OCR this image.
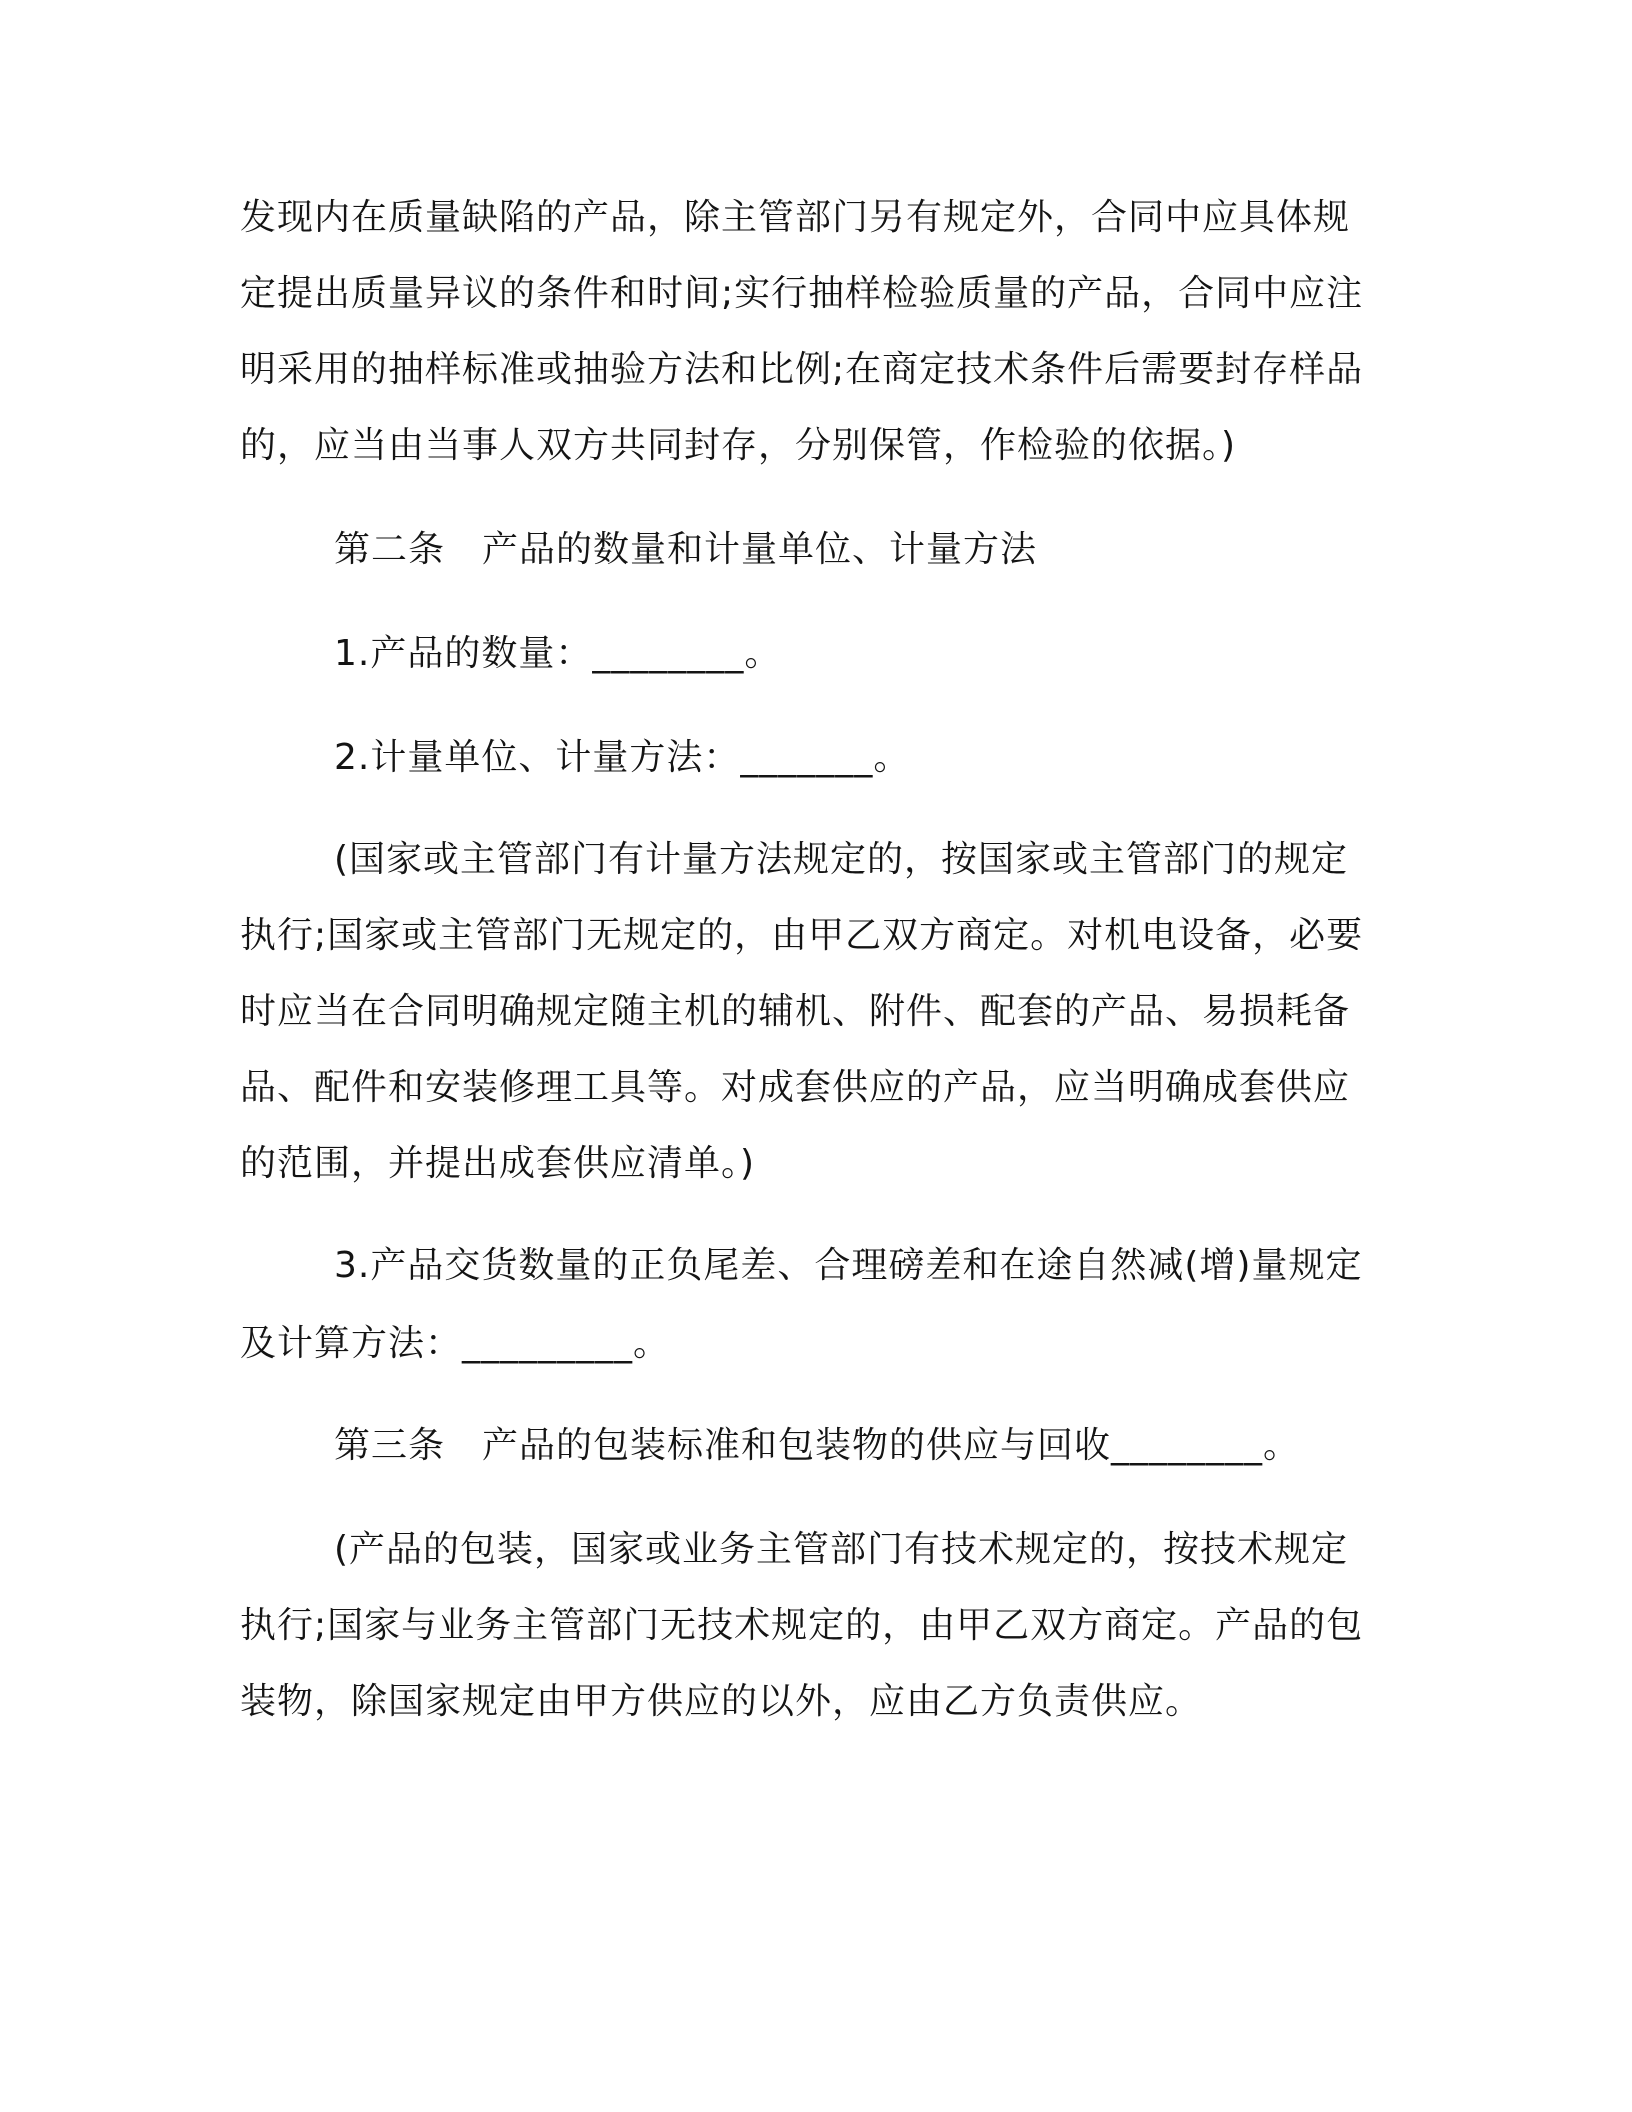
发现内在质量缺陷的产品，除主管部门另有规定外，合同中应具体规
定提出质量异议的条件和时间;实行抽样检验质量的产品，合同中应注
明采用的抽样标准或抽验方法和比例;在商定技术条件后需要封存样品
的，应当由当事人双方共同封存，分别保管，作检验的依据。)
第二条　产品的数量和计量单位、计量方法
1.产品的数量：________。
2.计量单位、计量方法：_______。
(国家或主管部门有计量方法规定的，按国家或主管部门的规定
执行;国家或主管部门无规定的，由甲乙双方商定。对机电设备，必要
时应当在合同明确规定随主机的辅机、附件、配套的产品、易损耗备
品、配件和安装修理工具等。对成套供应的产品，应当明确成套供应
的范围，并提出成套供应清单。)
3.产品交货数量的正负尾差、合理磅差和在途自然减(增)量规定
及计算方法：_________。
第三条　产品的包装标准和包装物的供应与回收________。
(产品的包装，国家或业务主管部门有技术规定的，按技术规定
执行;国家与业务主管部门无技术规定的，由甲乙双方商定。产品的包
装物，除国家规定由甲方供应的以外，应由乙方负责供应。
